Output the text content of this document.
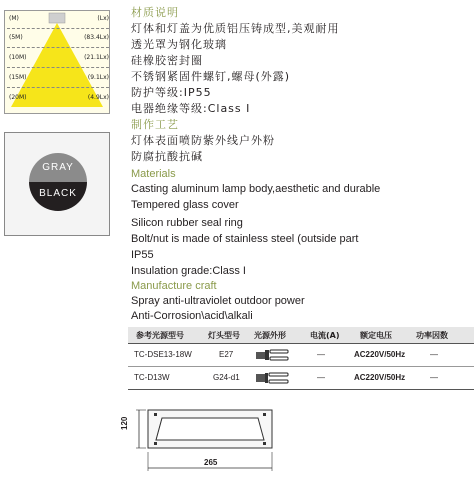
(M)	(Lx)
(5M)	(83.4Lx)
(10M)	(21.1Lx)
(15M)	(9.1Lx)
(20M)	(4.9Lx)
GRAY
BLACK
材质说明
灯体和灯盖为优质铝压铸成型,美观耐用
透光罩为钢化玻璃
硅橡胶密封圈
不锈钢紧固件螺钉,螺母(外露)
防护等级:IP55
电器绝缘等级:Class Ⅰ
制作工艺
灯体表面喷防紫外线户外粉
防腐抗酸抗碱
Materials
Casting aluminum lamp body,aesthetic and durable
Tempered glass cover
Silicon rubber seal ring
Bolt/nut is made of stainless steel (outside part
IP55
Insulation grade:Class I
Manufacture craft
Spray anti-ultraviolet outdoor power
Anti-Corrosion\acid\alkali
参考光源型号	灯头型号 光源外形	电流(A)	额定电压	功率因数
TC-DSE13-18W	E27	—	AC220V/50Hz	—
TC-D13W	G24-d1	—	AC220V/50Hz	—
120
265
